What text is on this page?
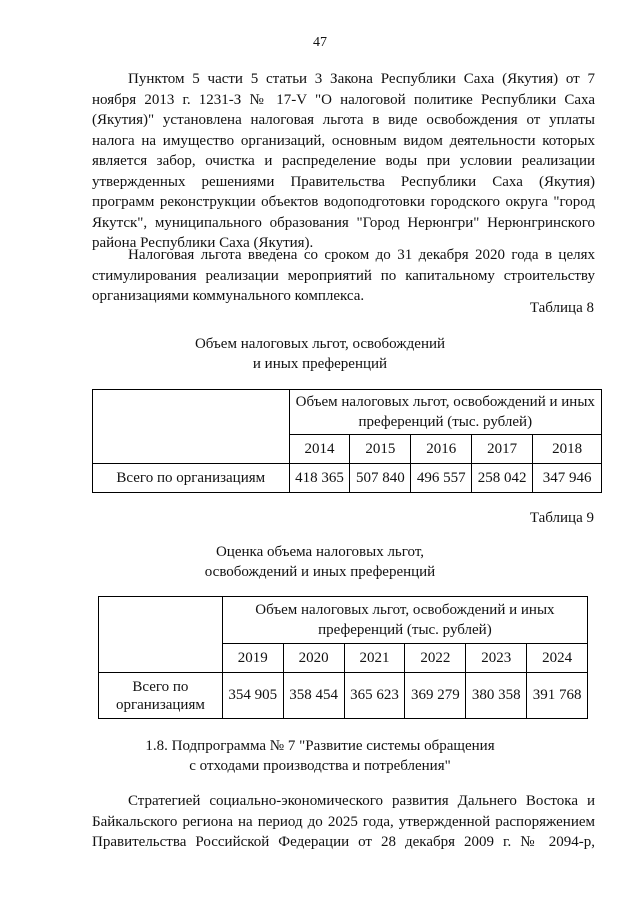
47

Пунктом 5 части 5 статьи 3 Закона Республики Саха (Якутия) от 7 ноября 2013 г. 1231-З № 17-V "О налоговой политике Республики Саха (Якутия)" установлена налоговая льгота в виде освобождения от уплаты налога на имущество организаций, основным видом деятельности которых является забор, очистка и распределение воды при условии реализации утвержденных решениями Правительства Республики Саха (Якутия) программ реконструкции объектов водоподготовки городского округа "город Якутск", муниципального образования "Город Нерюнгри" Нерюнгринского района Республики Саха (Якутия).

Налоговая льгота введена со сроком до 31 декабря 2020 года в целях стимулирования реализации мероприятий по капитальному строительству организациями коммунального комплекса.

Таблица 8
Объем налоговых льгот, освобождений
и иных преференций
	Объем налоговых льгот, освобождений и иных преференций (тыс. рублей)				
	2014	2015	2016	2017	2018
Всего по организациям	418 365	507 840	496 557	258 042	347 946
Таблица 9
Оценка объема налоговых льгот,
освобождений и иных преференций
	Объем налоговых льгот, освобождений и иных преференций (тыс. рублей)					
	2019	2020	2021	2022	2023	2024
Всего по организациям	354 905	358 454	365 623	369 279	380 358	391 768
1.8. Подпрограмма № 7 "Развитие системы обращения
с отходами производства и потребления"

Стратегией социально-экономического развития Дальнего Востока и Байкальского региона на период до 2025 года, утвержденной распоряжением Правительства Российской Федерации от 28 декабря 2009 г. № 2094-р,
